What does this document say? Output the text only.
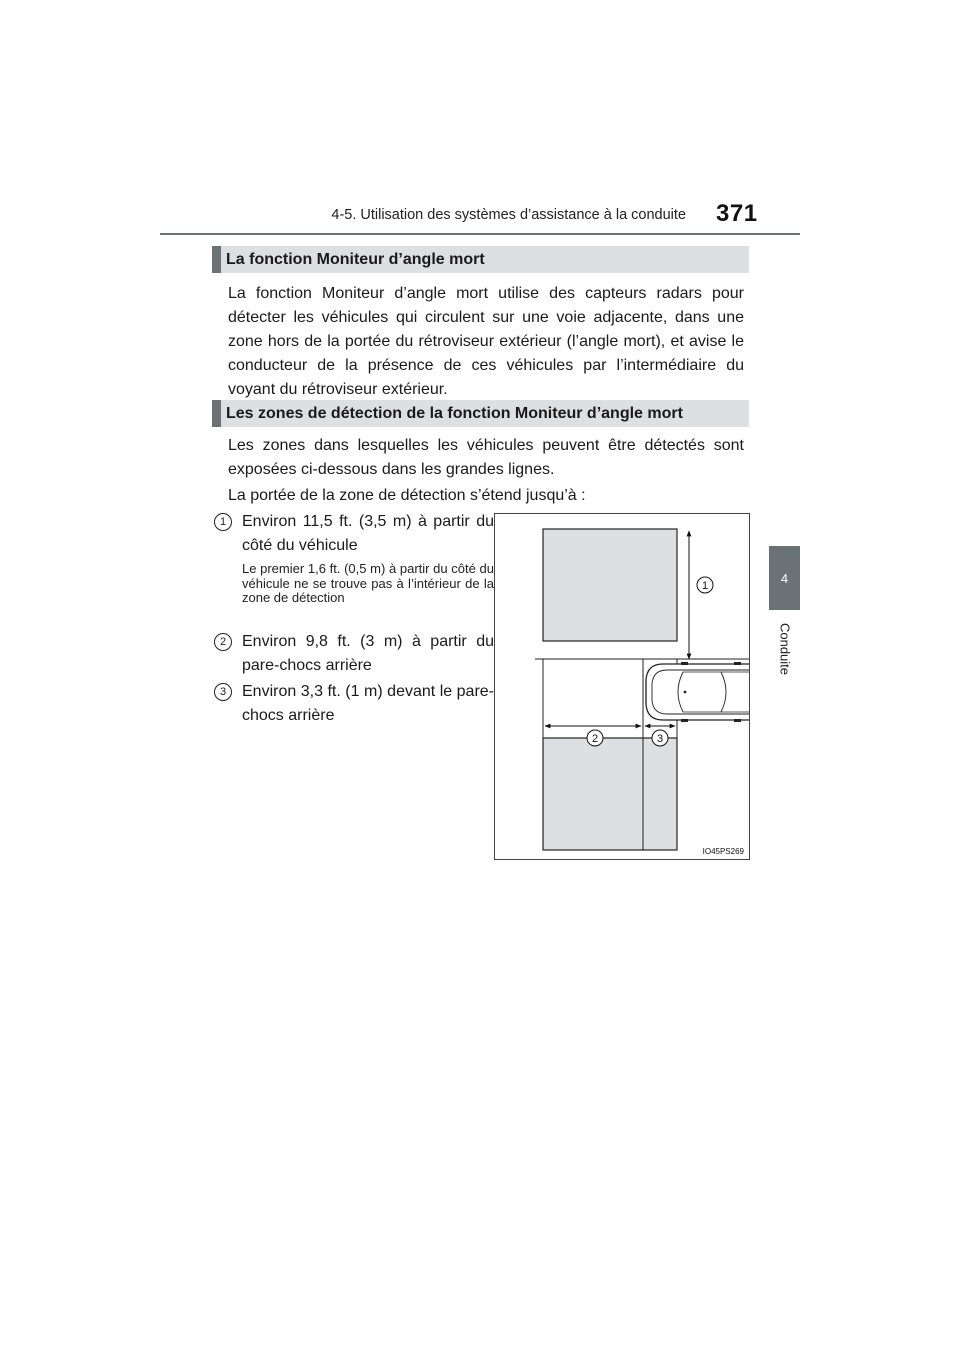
4-5. Utilisation des systèmes d’assistance à la conduite 371
4
Conduite
La fonction Moniteur d’angle mort
La fonction Moniteur d’angle mort utilise des capteurs radars pour détecter les véhicules qui circulent sur une voie adjacente, dans une zone hors de la portée du rétroviseur extérieur (l’angle mort), et avise le conducteur de la présence de ces véhicules par l’intermédiaire du voyant du rétroviseur extérieur.
Les zones de détection de la fonction Moniteur d’angle mort
Les zones dans lesquelles les véhicules peuvent être détectés sont exposées ci-dessous dans les grandes lignes.
La portée de la zone de détection s’étend jusqu’à :
1 Environ 11,5 ft. (3,5 m) à partir du côté du véhicule
Le premier 1,6 ft. (0,5 m) à partir du côté du véhicule ne se trouve pas à l’intérieur de la zone de détection
2 Environ 9,8 ft. (3 m) à partir du pare-chocs arrière
3 Environ 3,3 ft. (1 m) devant le pare-chocs arrière
1
2	3
IO45PS269
